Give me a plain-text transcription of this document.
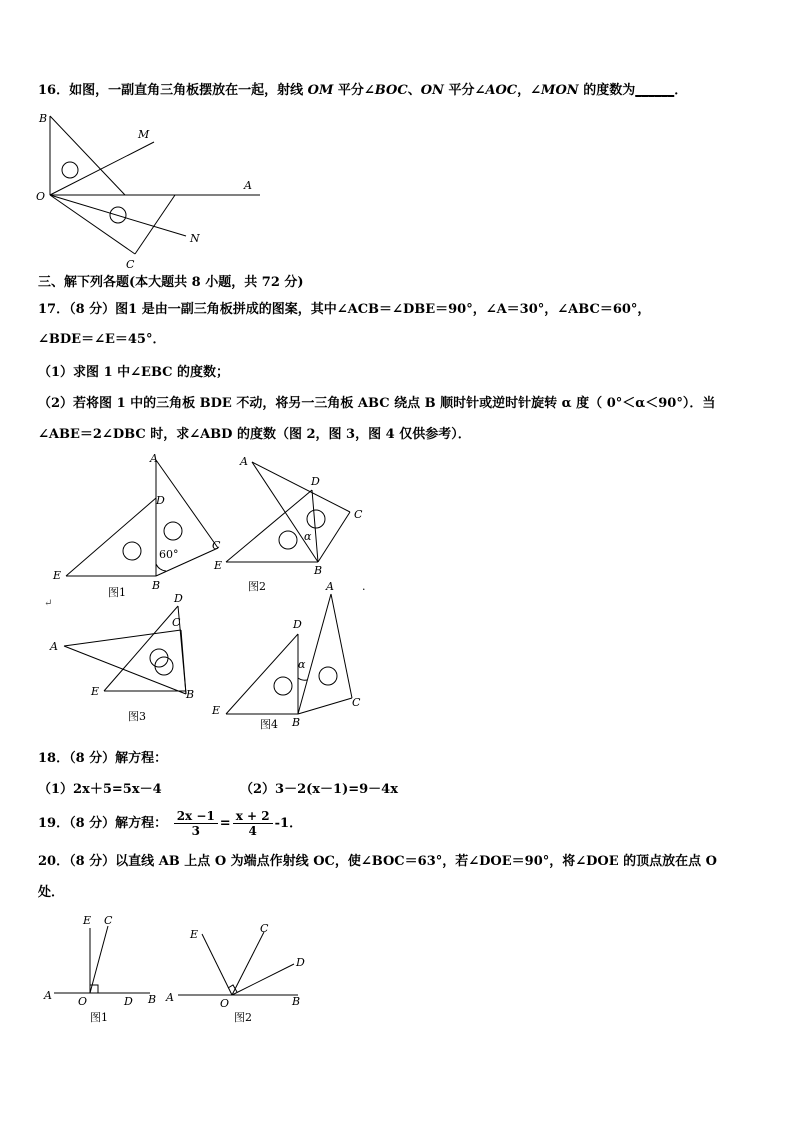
16．如图，一副直角三角板摆放在一起，射线 OM 平分∠BOC、ON 平分∠AOC，∠MON 的度数为______．
B
M
O
A
N
C
三、解下列各题(本大题共 8 小题，共 72 分)
17．（8 分）图1 是由一副三角板拼成的图案，其中∠ACB＝∠DBE＝90°，∠A＝30°，∠ABC＝60°，
∠BDE＝∠E＝45°．
（1）求图 1 中∠EBC 的度数；
（2）若将图 1 中的三角板 BDE 不动，将另一三角板 ABC 绕点 B 顺时针或逆时针旋转 α 度（ 0°＜α＜90°）．当
∠ABE＝2∠DBC 时，求∠ABD 的度数（图 2，图 3，图 4 仅供参考）．
A
D
C
E
B
60°
图1
A
D
C
E	B
α
图2	.
↵	D
C
A
E	B
图3
A
D
α
C
E
B
图4
18．（8 分）解方程：
（1）2x＋5=5x－4	（2）3－2(x－1)=9－4x
19．（8 分）解方程： $\frac{2x -1}{3} = \frac{x + 2}{4} -1$．
20．（8 分）以直线 AB 上点 O 为端点作射线 OC，使∠BOC＝63°，若∠DOE＝90°，将∠DOE 的顶点放在点 O
处．
E C
A O	D B
图1
E	C
D
A	O	B
图2
